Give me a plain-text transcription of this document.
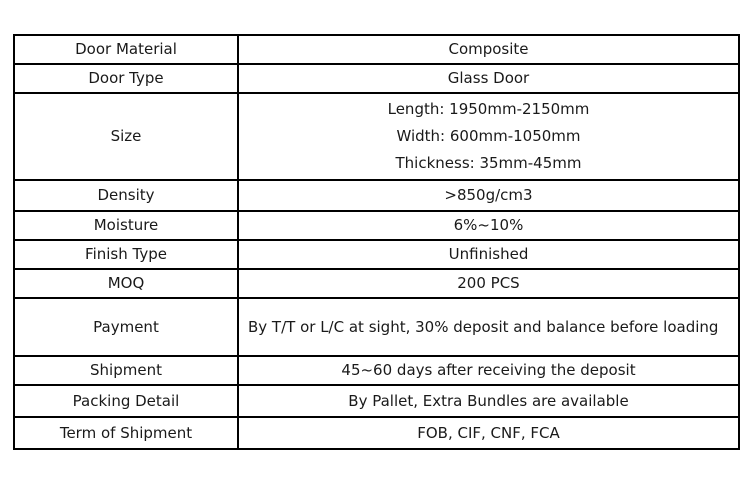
Door Material	Composite
Door Type	Glass Door
Size	Length: 1950mm-2150mm
Width: 600mm-1050mm
Thickness: 35mm-45mm

Density	>850g/cm3
Moisture	6%~10%
Finish Type	Unfinished
MOQ	200 PCS
Payment	By T/T or L/C at sight, 30% deposit and balance before loading
Shipment	45~60 days after receiving the deposit
Packing Detail	By Pallet, Extra Bundles are available
Term of Shipment	FOB, CIF, CNF, FCA
